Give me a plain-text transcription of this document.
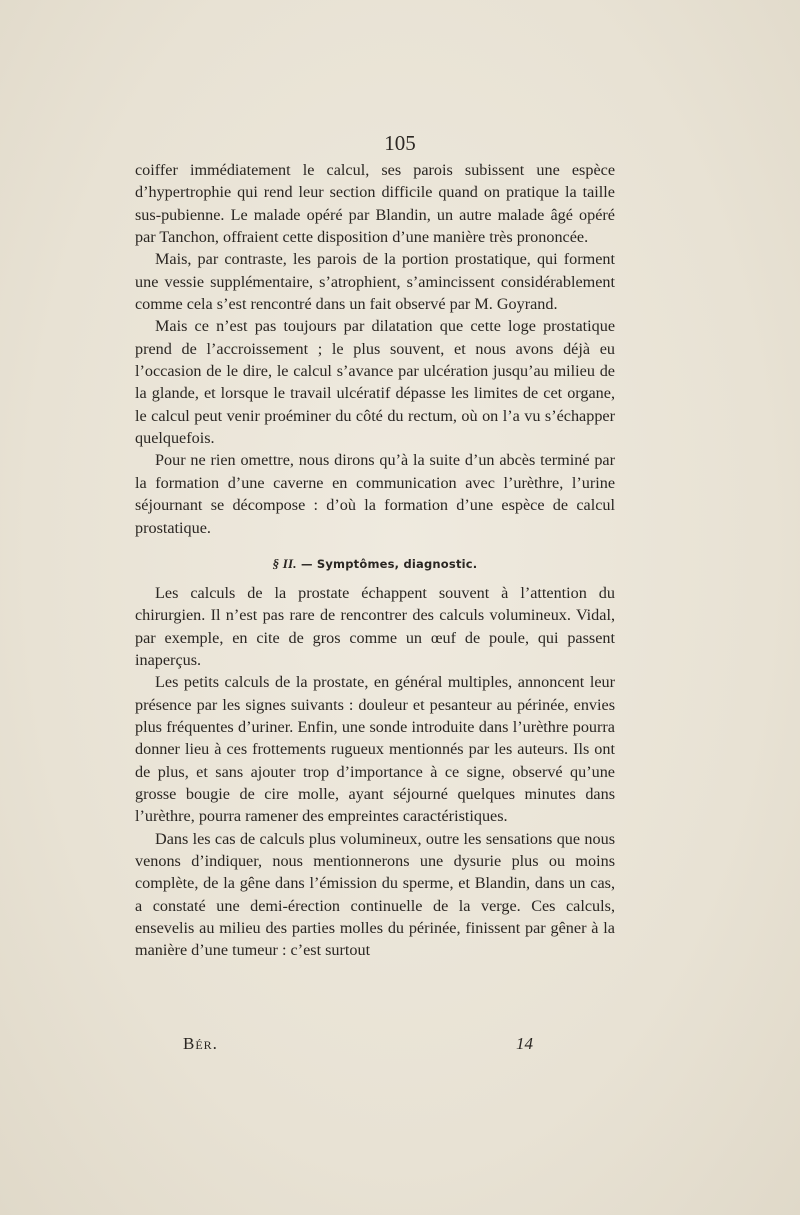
105

coiffer immédiatement le calcul, ses parois subissent une espèce d’hypertrophie qui rend leur section difficile quand on pratique la taille sus-pubienne. Le malade opéré par Blandin, un autre malade âgé opéré par Tanchon, offraient cette disposition d’une manière très prononcée.

Mais, par contraste, les parois de la portion prostatique, qui forment une vessie supplémentaire, s’atrophient, s’amincissent considérablement comme cela s’est rencontré dans un fait observé par M. Goyrand.

Mais ce n’est pas toujours par dilatation que cette loge prostatique prend de l’accroissement ; le plus souvent, et nous avons déjà eu l’occasion de le dire, le calcul s’avance par ulcération jusqu’au milieu de la glande, et lorsque le travail ulcératif dépasse les limites de cet organe, le calcul peut venir proéminer du côté du rectum, où on l’a vu s’échapper quelquefois.

Pour ne rien omettre, nous dirons qu’à la suite d’un abcès terminé par la formation d’une caverne en communication avec l’urèthre, l’urine séjournant se décompose : d’où la formation d’une espèce de calcul prostatique.

§ II. — Symptômes, diagnostic.

Les calculs de la prostate échappent souvent à l’attention du chirurgien. Il n’est pas rare de rencontrer des calculs volumineux. Vidal, par exemple, en cite de gros comme un œuf de poule, qui passent inaperçus.

Les petits calculs de la prostate, en général multiples, annoncent leur présence par les signes suivants : douleur et pesanteur au périnée, envies plus fréquentes d’uriner. Enfin, une sonde introduite dans l’urèthre pourra donner lieu à ces frottements rugueux mentionnés par les auteurs. Ils ont de plus, et sans ajouter trop d’importance à ce signe, observé qu’une grosse bougie de cire molle, ayant séjourné quelques minutes dans l’urèthre, pourra ramener des empreintes caractéristiques.

Dans les cas de calculs plus volumineux, outre les sensations que nous venons d’indiquer, nous mentionnerons une dysurie plus ou moins complète, de la gêne dans l’émission du sperme, et Blandin, dans un cas, a constaté une demi-érection continuelle de la verge. Ces calculs, ensevelis au milieu des parties molles du périnée, finissent par gêner à la manière d’une tumeur : c’est surtout

Bér.	14
